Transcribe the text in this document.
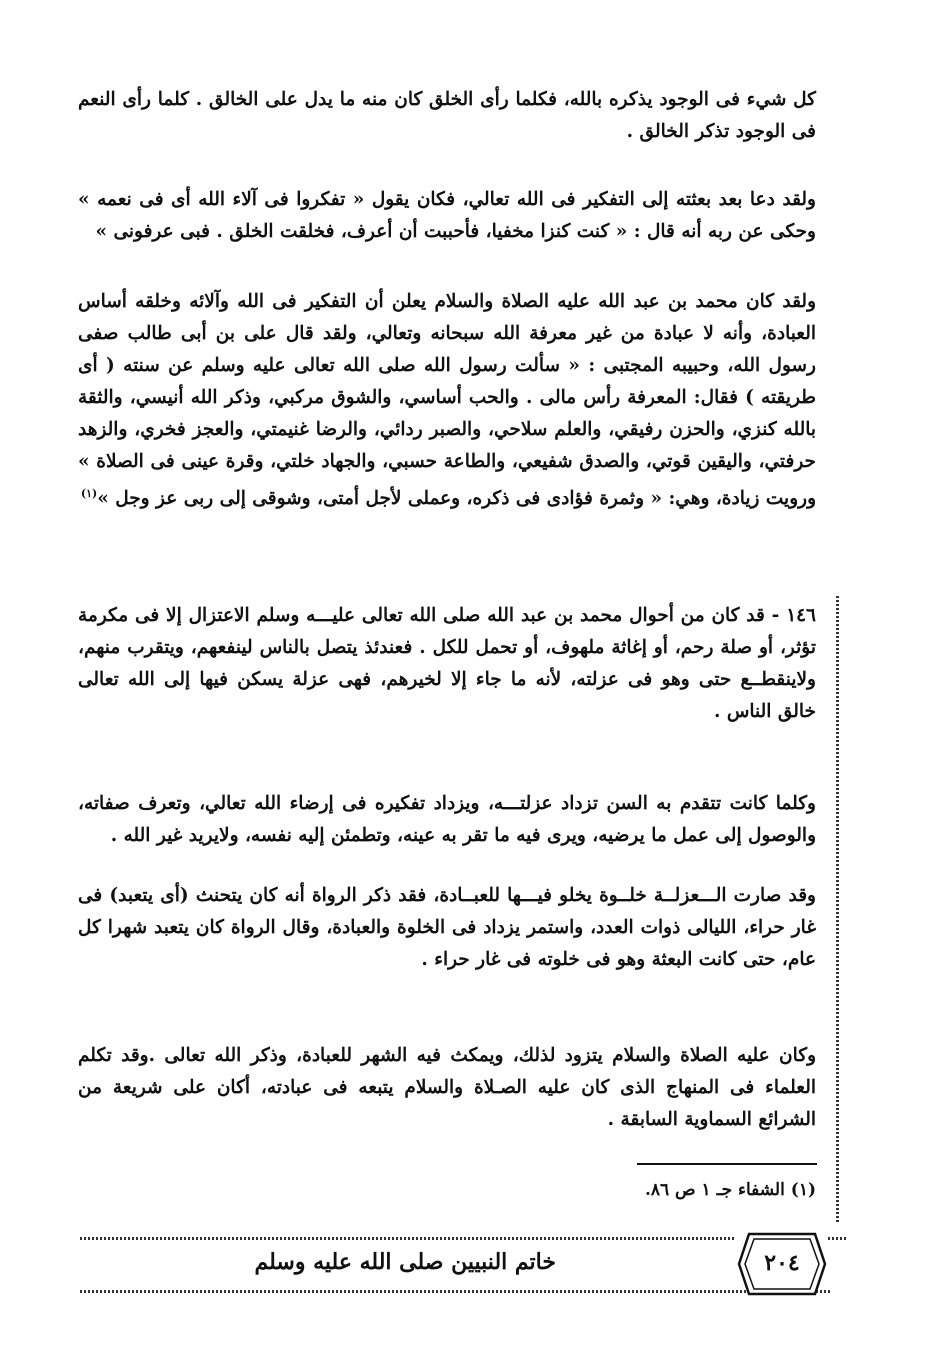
كل شيء فى الوجود يذكره بالله، فكلما رأى الخلق كان منه ما يدل على الخالق . كلما رأى النعم فى الوجود تذكر الخالق .

ولقد دعا بعد بعثته إلى التفكير فى الله تعالي، فكان يقول « تفكروا فى آلاء الله أى فى نعمه » وحكى عن ربه أنه قال : « كنت كنزا مخفيا، فأحببت أن أعرف، فخلقت الخلق . فبى عرفونى »

ولقد كان محمد بن عبد الله عليه الصلاة والسلام يعلن أن التفكير فى الله وآلائه وخلقه أساس العبادة، وأنه لا عبادة من غير معرفة الله سبحانه وتعالي، ولقد قال على بن أبى طالب صفى رسول الله، وحبيبه المجتبى : « سألت رسول الله صلى الله تعالى عليه وسلم عن سنته ( أى طريقته ) فقال: المعرفة رأس مالى . والحب أساسي، والشوق مركبي، وذكر الله أنيسي، والثقة بالله كنزي، والحزن رفيقي، والعلم سلاحي، والصبر ردائي، والرضا غنيمتي، والعجز فخري، والزهد حرفتي، واليقين قوتي، والصدق شفيعي، والطاعة حسبي، والجهاد خلتي، وقرة عينى فى الصلاة » ورويت زيادة، وهي: « وثمرة فؤادى فى ذكره، وعملى لأجل أمتى، وشوقى إلى ربى عز وجل »$^{(١)}$

١٤٦ - قد كان من أحوال محمد بن عبد الله صلى الله تعالى عليـــه وسلم الاعتزال إلا فى مكرمة تؤثر، أو صلة رحم، أو إغاثة ملهوف، أو تحمل للكل . فعندئذ يتصل بالناس لينفعهم، ويتقرب منهم، ولاينقطــع حتى وهو فى عزلته، لأنه ما جاء إلا لخيرهم، فهى عزلة يسكن فيها إلى الله تعالى خالق الناس .

وكلما كانت تتقدم به السن تزداد عزلتـــه، ويزداد تفكيره فى إرضاء الله تعالي، وتعرف صفاته، والوصول إلى عمل ما يرضيه، ويرى فيه ما تقر به عينه، وتطمئن إليه نفسه، ولايريد غير الله .

وقد صارت الـــعزلــة خلــوة يخلو فيـــها للعبــادة، فقد ذكر الرواة أنه كان يتحنث (أى يتعبد) فى غار حراء، الليالى ذوات العدد، واستمر يزداد فى الخلوة والعبادة، وقال الرواة كان يتعبد شهرا كل عام، حتى كانت البعثة وهو فى خلوته فى غار حراء .

وكان عليه الصلاة والسلام يتزود لذلك، ويمكث فيه الشهر للعبادة، وذكر الله تعالى .وقد تكلم العلماء فى المنهاج الذى كان عليه الصـلاة والسلام يتبعه فى عبادته، أكان على شريعة من الشرائع السماوية السابقة .

(١) الشفاء جـ ١ ص ٨٦.
خاتم النبيين صلى الله عليه وسلم	٢٠٤
